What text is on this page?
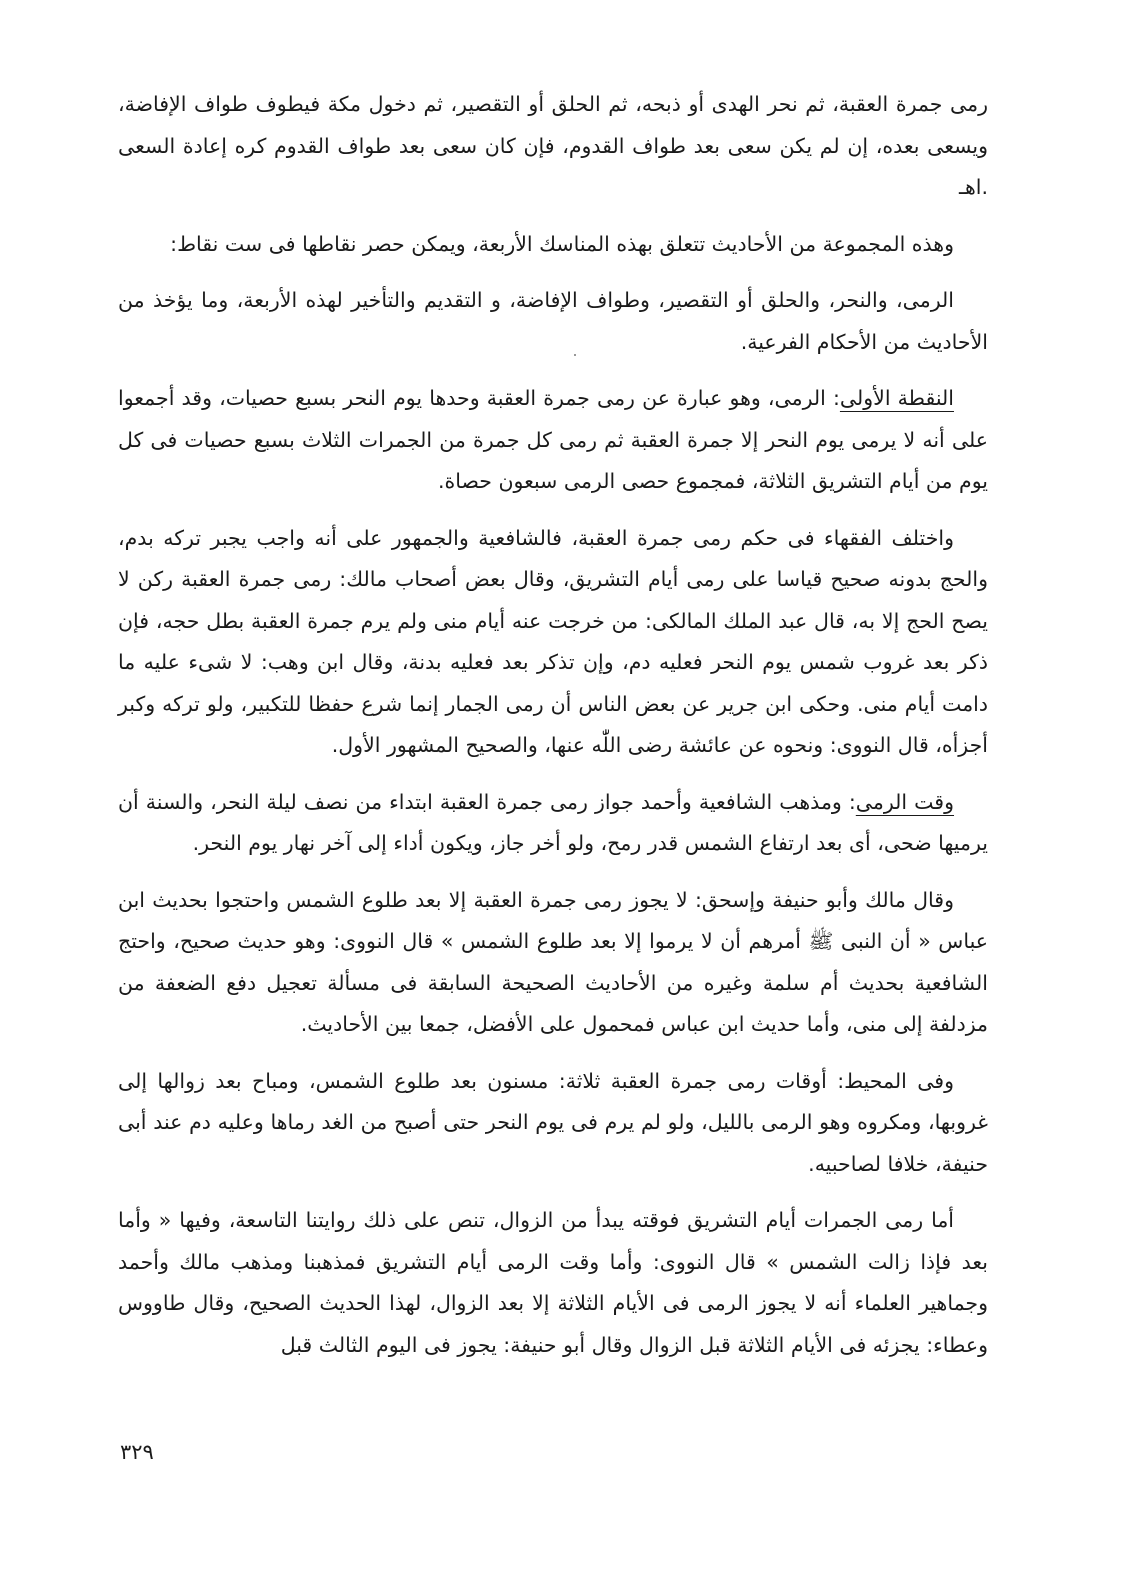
رمى جمرة العقبة، ثم نحر الهدى أو ذبحه، ثم الحلق أو التقصير، ثم دخول مكة فيطوف طواف الإفاضة، ويسعى بعده، إن لم يكن سعى بعد طواف القدوم، فإن كان سعى بعد طواف القدوم كره إعادة السعى .اهـ

وهذه المجموعة من الأحاديث تتعلق بهذه المناسك الأربعة، ويمكن حصر نقاطها فى ست نقاط:

الرمى، والنحر، والحلق أو التقصير، وطواف الإفاضة، و التقديم والتأخير لهذه الأربعة، وما يؤخذ من الأحاديث من الأحكام الفرعية.

النقطة الأولى: الرمى، وهو عبارة عن رمى جمرة العقبة وحدها يوم النحر بسبع حصيات، وقد أجمعوا على أنه لا يرمى يوم النحر إلا جمرة العقبة ثم رمى كل جمرة من الجمرات الثلاث بسبع حصيات فى كل يوم من أيام التشريق الثلاثة، فمجموع حصى الرمى سبعون حصاة.

واختلف الفقهاء فى حكم رمى جمرة العقبة، فالشافعية والجمهور على أنه واجب يجبر تركه بدم، والحج بدونه صحيح قياسا على رمى أيام التشريق، وقال بعض أصحاب مالك: رمى جمرة العقبة ركن لا يصح الحج إلا به، قال عبد الملك المالكى: من خرجت عنه أيام منى ولم يرم جمرة العقبة بطل حجه، فإن ذكر بعد غروب شمس يوم النحر فعليه دم، وإن تذكر بعد فعليه بدنة، وقال ابن وهب: لا شىء عليه ما دامت أيام منى. وحكى ابن جرير عن بعض الناس أن رمى الجمار إنما شرع حفظا للتكبير، ولو تركه وكبر أجزأه، قال النووى: ونحوه عن عائشة رضى اللّٰه عنها، والصحيح المشهور الأول.

وقت الرمى: ومذهب الشافعية وأحمد جواز رمى جمرة العقبة ابتداء من نصف ليلة النحر، والسنة أن يرميها ضحى، أى بعد ارتفاع الشمس قدر رمح، ولو أخر جاز، ويكون أداء إلى آخر نهار يوم النحر.

وقال مالك وأبو حنيفة وإسحق: لا يجوز رمى جمرة العقبة إلا بعد طلوع الشمس واحتجوا بحديث ابن عباس « أن النبى ﷺ أمرهم أن لا يرموا إلا بعد طلوع الشمس » قال النووى: وهو حديث صحيح، واحتج الشافعية بحديث أم سلمة وغيره من الأحاديث الصحيحة السابقة فى مسألة تعجيل دفع الضعفة من مزدلفة إلى منى، وأما حديث ابن عباس فمحمول على الأفضل، جمعا بين الأحاديث.

وفى المحيط: أوقات رمى جمرة العقبة ثلاثة: مسنون بعد طلوع الشمس، ومباح بعد زوالها إلى غروبها، ومكروه وهو الرمى بالليل، ولو لم يرم فى يوم النحر حتى أصبح من الغد رماها وعليه دم عند أبى حنيفة، خلافا لصاحبيه.

أما رمى الجمرات أيام التشريق فوقته يبدأ من الزوال، تنص على ذلك روايتنا التاسعة، وفيها « وأما بعد فإذا زالت الشمس » قال النووى: وأما وقت الرمى أيام التشريق فمذهبنا ومذهب مالك وأحمد وجماهير العلماء أنه لا يجوز الرمى فى الأيام الثلاثة إلا بعد الزوال، لهذا الحديث الصحيح، وقال طاووس وعطاء: يجزئه فى الأيام الثلاثة قبل الزوال وقال أبو حنيفة: يجوز فى اليوم الثالث قبل

٣٢٩
